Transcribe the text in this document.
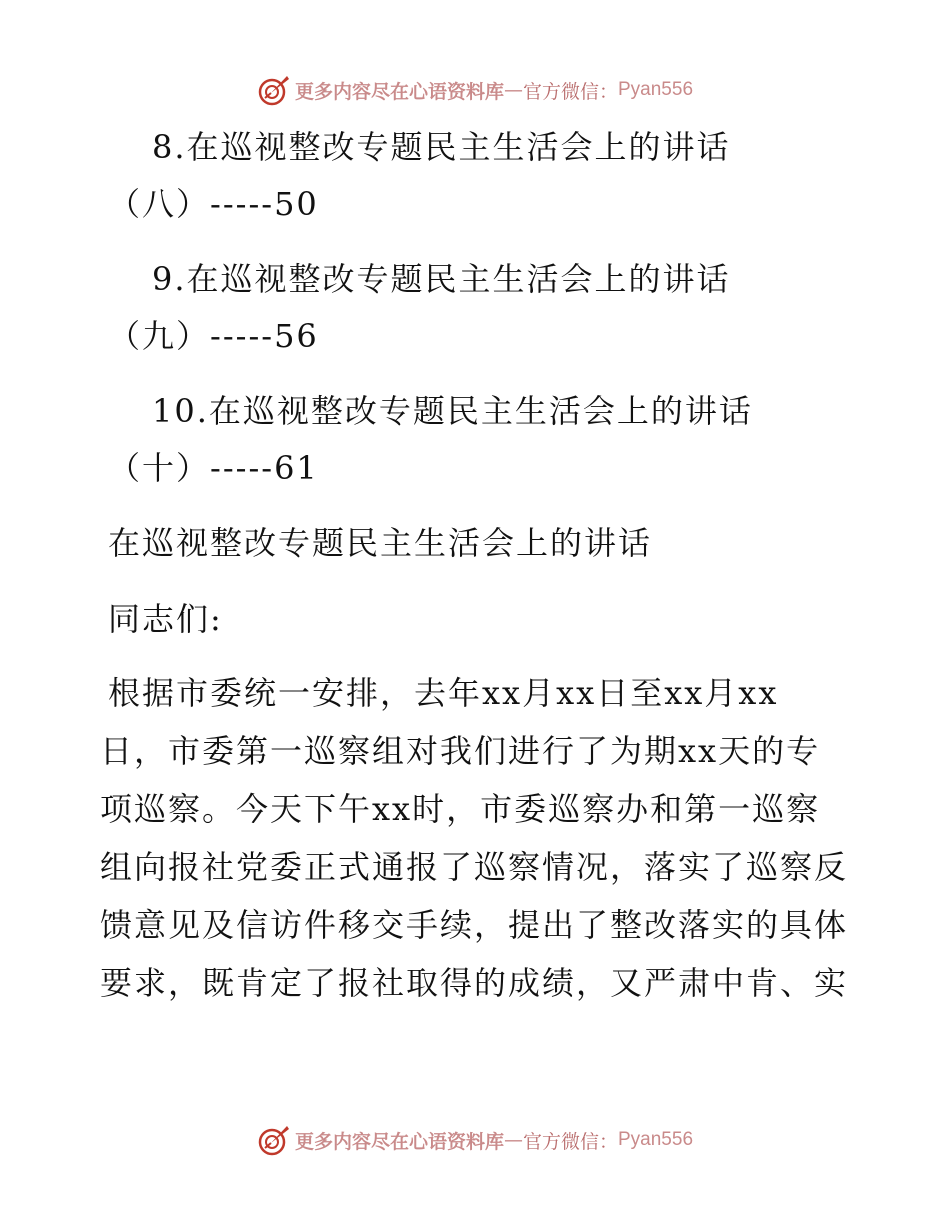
更多内容尽在心语资料库 — 官方微信： Pyan556
8.在巡视整改专题民主生活会上的讲话
（八）-----50
9.在巡视整改专题民主生活会上的讲话
（九）-----56
10.在巡视整改专题民主生活会上的讲话
（十）-----61
在巡视整改专题民主生活会上的讲话
同志们:
根据市委统一安排，去年xx月xx日至xx月xx
日，市委第一巡察组对我们进行了为期xx天的专
项巡察。今天下午xx时，市委巡察办和第一巡察
组向报社党委正式通报了巡察情况，落实了巡察反
馈意见及信访件移交手续，提出了整改落实的具体
要求，既肯定了报社取得的成绩，又严肃中肯、实
更多内容尽在心语资料库 — 官方微信： Pyan556
